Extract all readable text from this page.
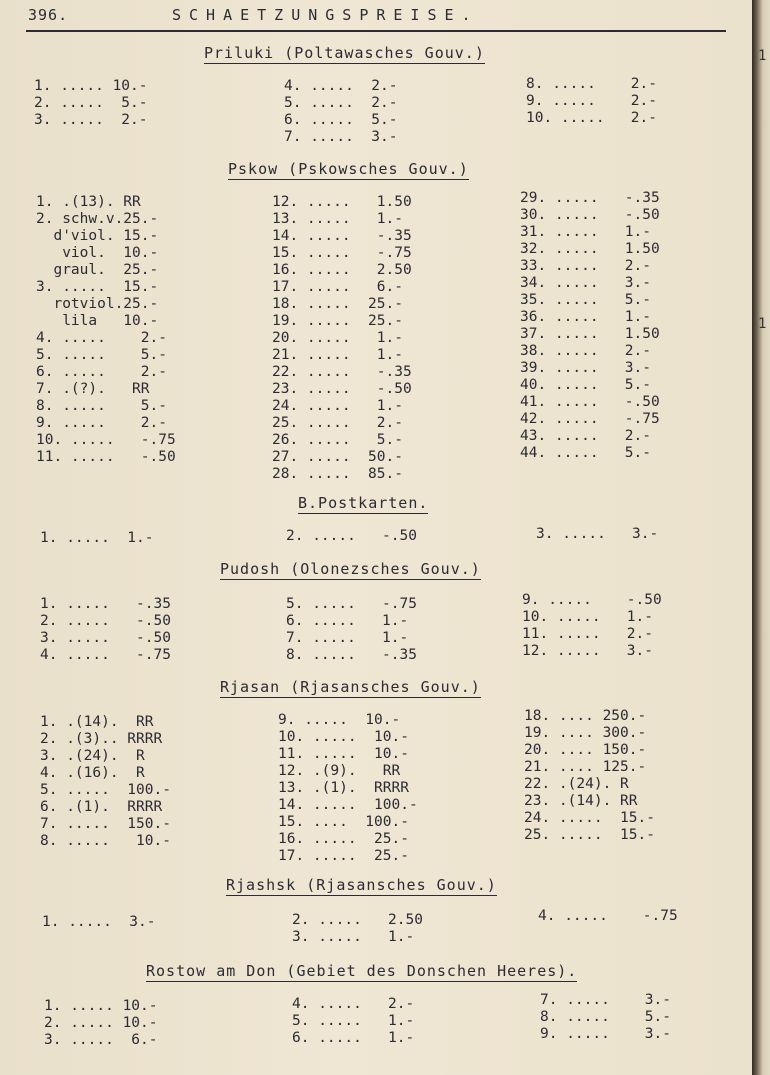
396.	SCHAETZUNGSPREISE.
Priluki (Poltawasches Gouv.)
1. ..... 10.-
2. .....  5.-
3. .....  2.-
4. .....  2.-
5. .....  2.-
6. .....  5.-
7. .....  3.-
8. .....    2.-
9. .....    2.-
10. .....   2.-
Pskow (Pskowsches Gouv.)
1. .(13). RR
2. schw.v.25.-
d'viol. 15.-
viol.  10.-
graul.  25.-
3. .....  15.-
rotviol.25.-
lila   10.-
4. .....    2.-
5. .....    5.-
6. .....    2.-
7. .(?).   RR
8. .....    5.-
9. .....    2.-
10. .....   -.75
11. .....   -.50
12. .....   1.50
13. .....   1.-
14. .....   -.35
15. .....   -.75
16. .....   2.50
17. .....   6.-
18. .....  25.-
19. .....  25.-
20. .....   1.-
21. .....   1.-
22. .....   -.35
23. .....   -.50
24. .....   1.-
25. .....   2.-
26. .....   5.-
27. .....  50.-
28. .....  85.-
29. .....   -.35
30. .....   -.50
31. .....   1.-
32. .....   1.50
33. .....   2.-
34. .....   3.-
35. .....   5.-
36. .....   1.-
37. .....   1.50
38. .....   2.-
39. .....   3.-
40. .....   5.-
41. .....   -.50
42. .....   -.75
43. .....   2.-
44. .....   5.-
B.Postkarten.
1. .....  1.-	2. .....   -.50	3. .....   3.-
Pudosh (Olonezsches Gouv.)
1. .....   -.35
2. .....   -.50
3. .....   -.50
4. .....   -.75
5. .....   -.75
6. .....   1.-
7. .....   1.-
8. .....   -.35
9. .....    -.50
10. .....   1.-
11. .....   2.-
12. .....   3.-
Rjasan (Rjasansches Gouv.)
1. .(14).  RR
2. .(3).. RRRR
3. .(24).  R
4. .(16).  R
5. .....  100.-
6. .(1).  RRRR
7. .....  150.-
8. .....   10.-
9. .....  10.-
10. .....  10.-
11. .....  10.-
12. .(9).   RR
13. .(1).  RRRR
14. .....  100.-
15. ....  100.-
16. .....  25.-
17. .....  25.-
18. .... 250.-
19. .... 300.-
20. .... 150.-
21. .... 125.-
22. .(24). R
23. .(14). RR
24. .....  15.-
25. .....  15.-
Rjashsk (Rjasansches Gouv.)
1. .....  3.-	2. .....   2.50
3. .....   1.-
4. .....    -.75
Rostow am Don (Gebiet des Donschen Heeres).
1. ..... 10.-
2. ..... 10.-
3. .....  6.-
4. .....   2.-
5. .....   1.-
6. .....   1.-
7. .....    3.-
8. .....    5.-
9. .....    3.-
1
1
